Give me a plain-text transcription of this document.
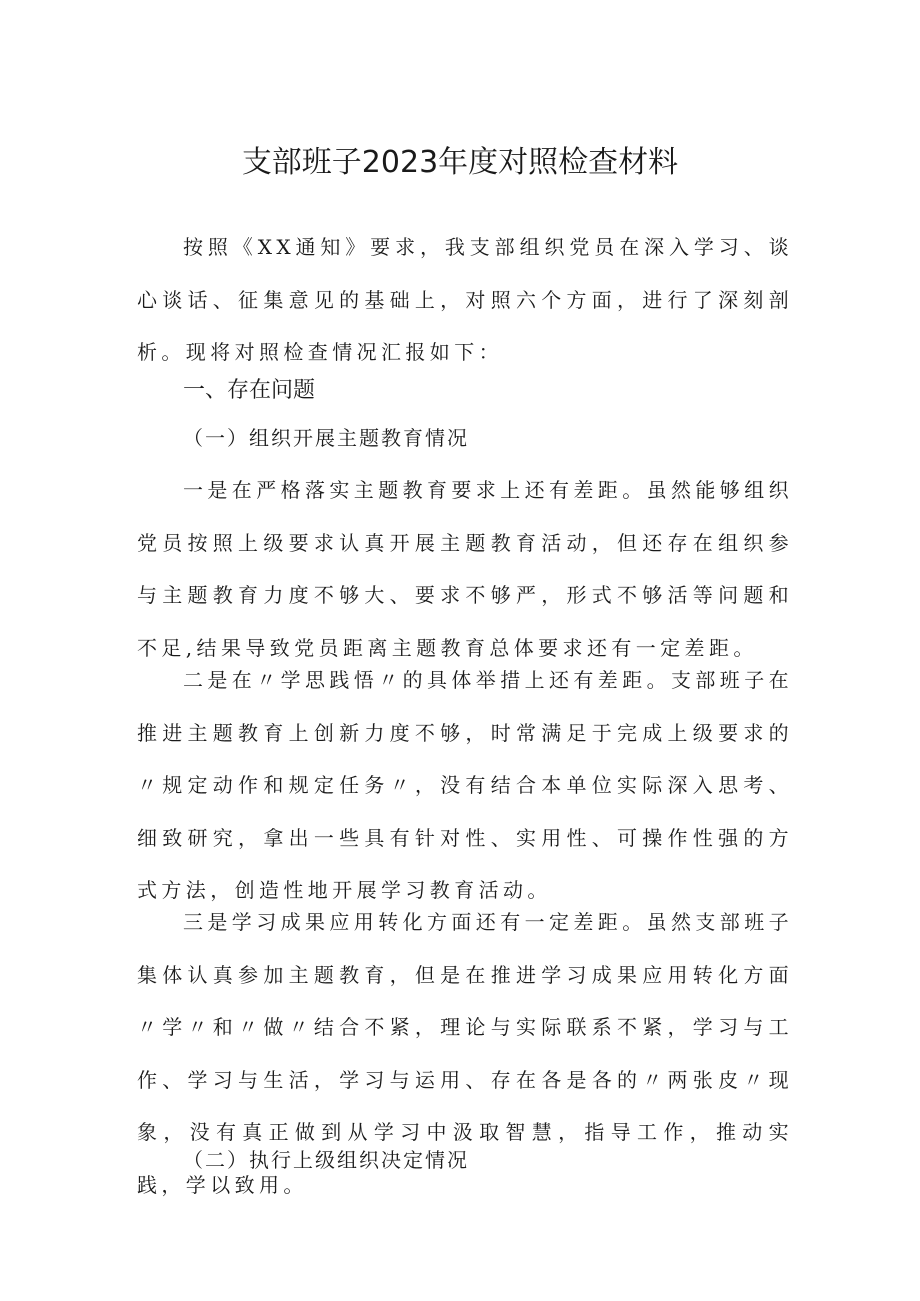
支部班子2023年度对照检查材料

按照《XX通知》要求，我支部组织党员在深入学习、谈心谈话、征集意见的基础上，对照六个方面，进行了深刻剖析。现将对照检查情况汇报如下：

一、存在问题
（一）组织开展主题教育情况

一是在严格落实主题教育要求上还有差距。虽然能够组织党员按照上级要求认真开展主题教育活动，但还存在组织参与主题教育力度不够大、要求不够严，形式不够活等问题和不足,结果导致党员距离主题教育总体要求还有一定差距。

二是在〃学思践悟〃的具体举措上还有差距。支部班子在推进主题教育上创新力度不够，时常满足于完成上级要求的〃规定动作和规定任务〃，没有结合本单位实际深入思考、细致研究，拿出一些具有针对性、实用性、可操作性强的方式方法，创造性地开展学习教育活动。

三是学习成果应用转化方面还有一定差距。虽然支部班子集体认真参加主题教育，但是在推进学习成果应用转化方面〃学〃和〃做〃结合不紧，理论与实际联系不紧，学习与工作、学习与生活，学习与运用、存在各是各的〃两张皮〃现象，没有真正做到从学习中汲取智慧，指导工作，推动实践，学以致用。

（二）执行上级组织决定情况
